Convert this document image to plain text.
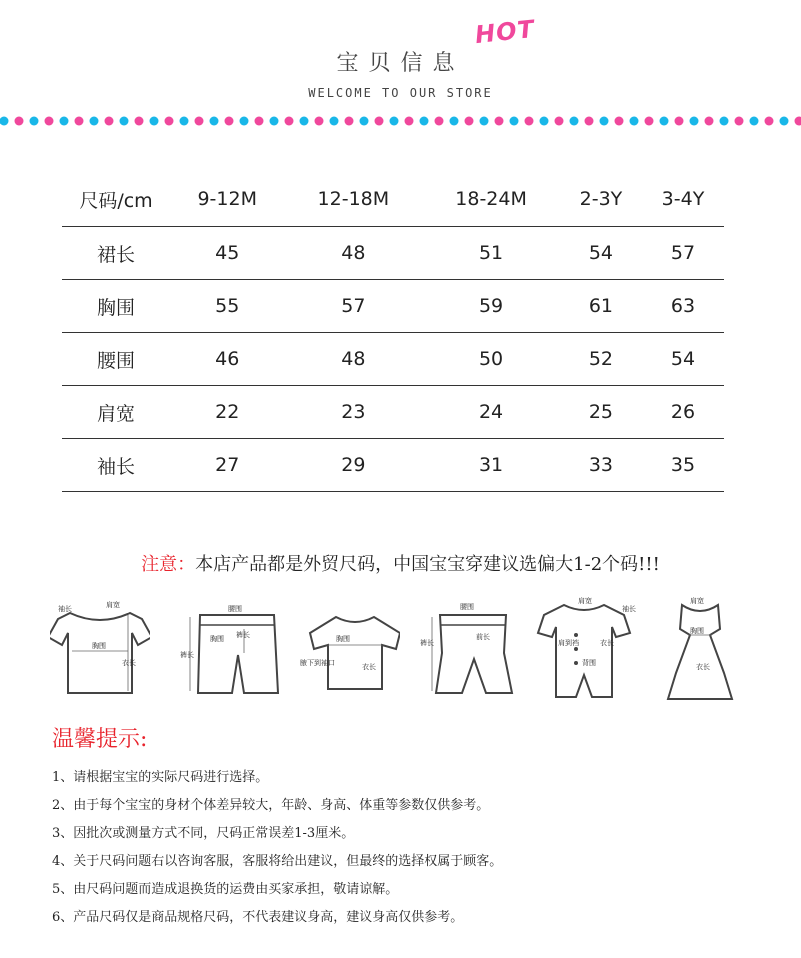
宝贝信息
HOT
WELCOME TO OUR STORE
尺码/cm	9-12M	12-18M	18-24M	2-3Y	3-4Y
裙长	45	48	51	54	57
胸围	55	57	59	61	63
腰围	46	48	50	52	54
肩宽	22	23	24	25	26
袖长	27	29	31	33	35
注意：本店产品都是外贸尺码，中国宝宝穿建议选偏大1-2个码!!!
袖长	肩宽
胸围
衣长
腰围
胸围
裤长
裤长	胸围
衣长
腋下到袖口
腰围
前长
裤长
肩宽
袖长
肩到裆
背围
衣长
肩宽
胸围
衣长
温馨提示:
1、请根据宝宝的实际尺码进行选择。
2、由于每个宝宝的身材个体差异较大，年龄、身高、体重等参数仅供参考。
3、因批次或测量方式不同，尺码正常误差1-3厘米。
4、关于尺码问题右以咨询客服，客服将给出建议，但最终的选择权属于顾客。
5、由尺码问题而造成退换货的运费由买家承担，敬请谅解。
6、产品尺码仅是商品规格尺码，不代表建议身高，建议身高仅供参考。
